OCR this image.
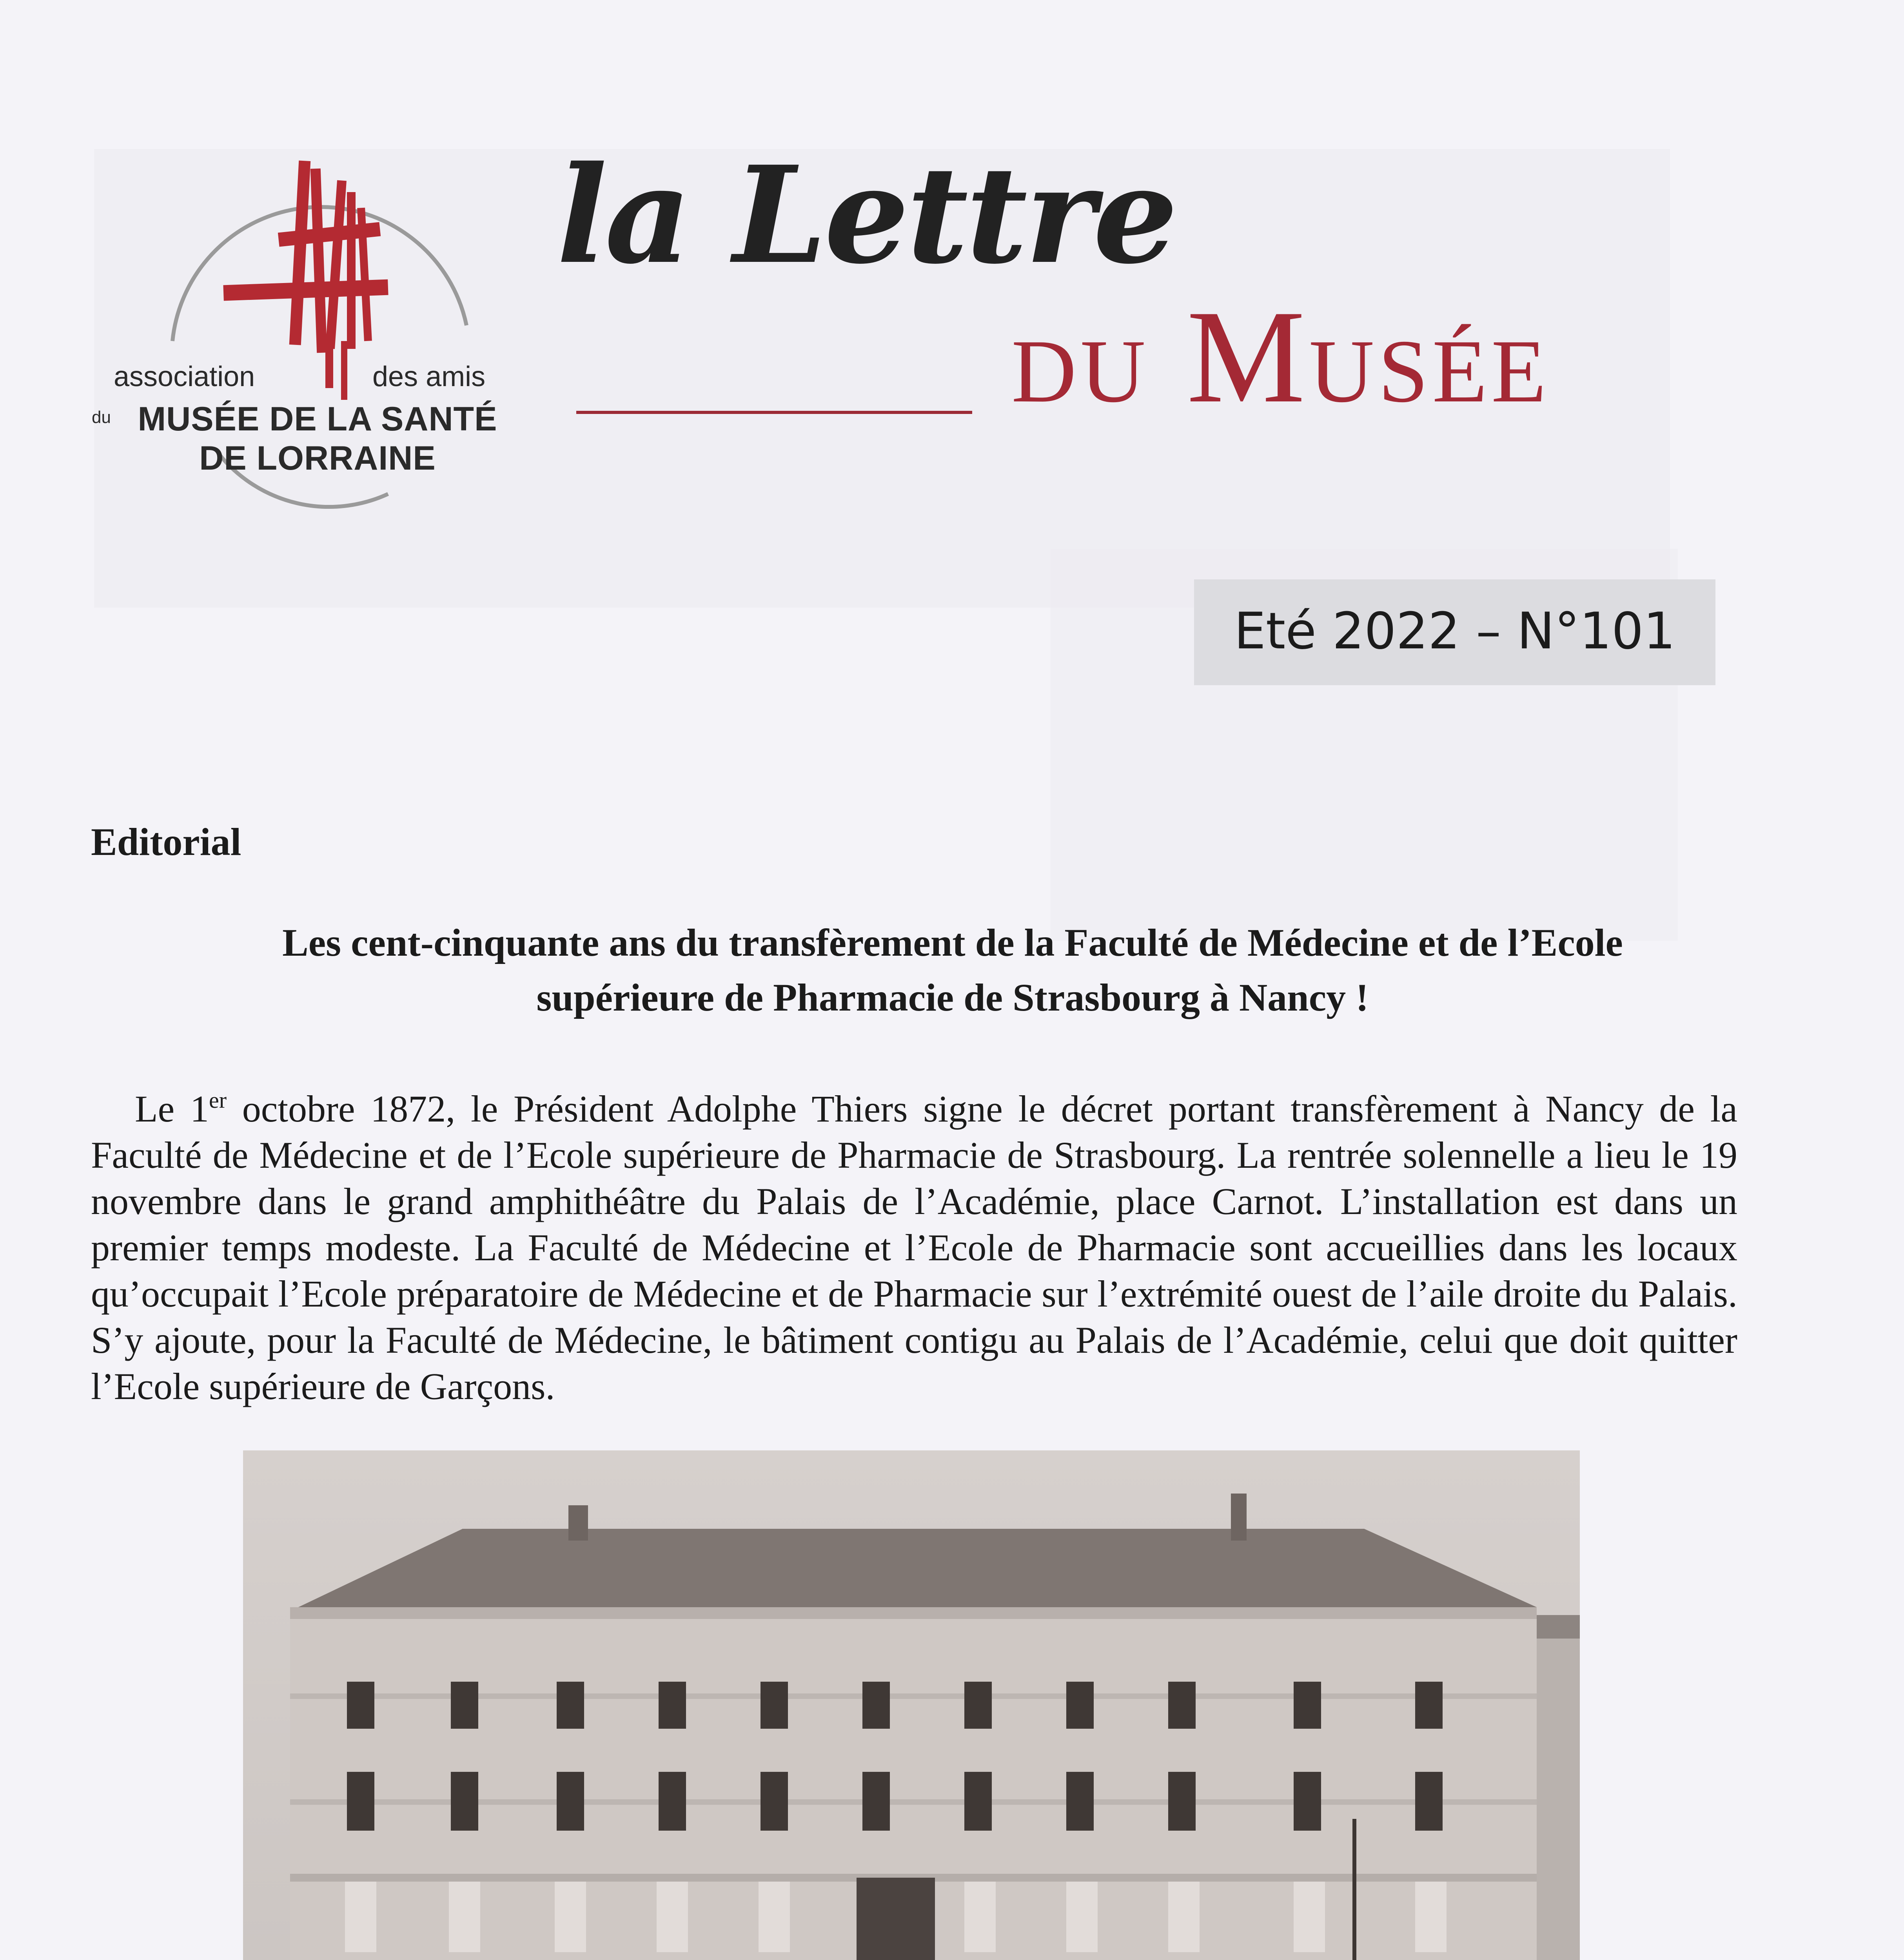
association	des amis
du MUSÉE DE LA SANTÉ
DE LORRAINE
la Lettre
DU MUSÉE
Eté 2022 – N°101
Editorial
Les cent-cinquante ans du transfèrement de la Faculté de Médecine et de l’Ecole
supérieure de Pharmacie de Strasbourg à Nancy !

Le 1er octobre 1872, le Président Adolphe Thiers signe le décret portant transfèrement à Nancy de la Faculté de Médecine et de l’Ecole supérieure de Pharmacie de Strasbourg. La rentrée solennelle a lieu le 19 novembre dans le grand amphithéâtre du Palais de l’Académie, place Carnot. L’installation est dans un premier temps modeste. La Faculté de Médecine et l’Ecole de Pharmacie sont accueillies dans les locaux qu’occupait l’Ecole préparatoire de Médecine et de Pharmacie sur l’extrémité ouest de l’aile droite du Palais. S’y ajoute, pour la Faculté de Médecine, le bâtiment contigu au Palais de l’Académie, celui que doit quitter l’Ecole supérieure de Garçons.
